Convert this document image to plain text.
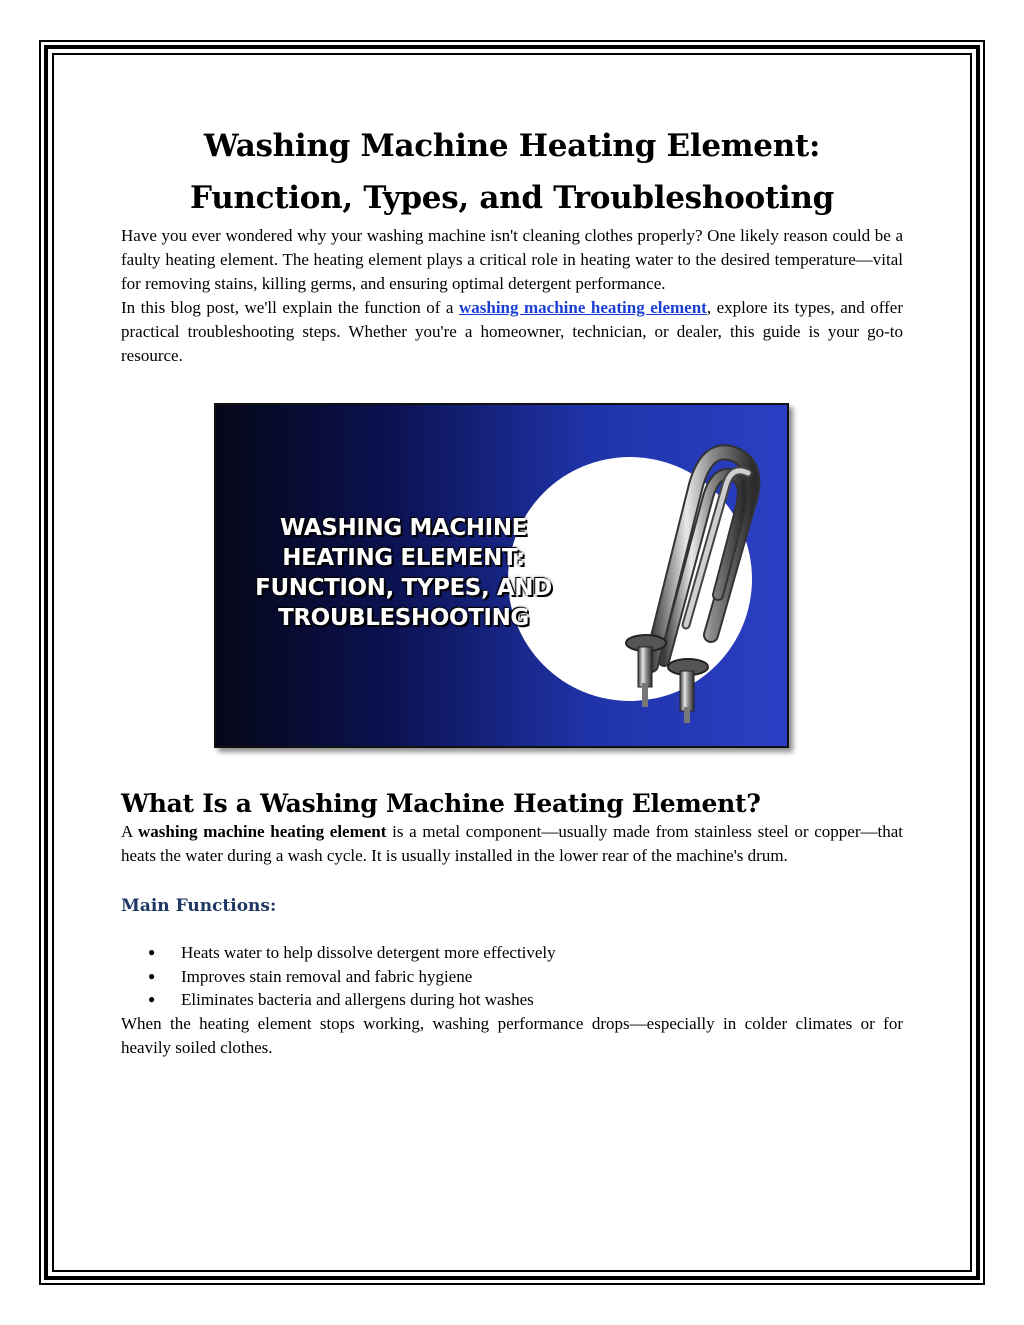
Washing Machine Heating Element: Function, Types, and Troubleshooting

Have you ever wondered why your washing machine isn't cleaning clothes properly? One likely reason could be a faulty heating element. The heating element plays a critical role in heating water to the desired temperature—vital for removing stains, killing germs, and ensuring optimal detergent performance.

In this blog post, we'll explain the function of a washing machine heating element, explore its types, and offer practical troubleshooting steps. Whether you're a homeowner, technician, or dealer, this guide is your go-to resource.

WASHING MACHINE
HEATING ELEMENT:
FUNCTION, TYPES, AND
TROUBLESHOOTING
What Is a Washing Machine Heating Element?

A washing machine heating element is a metal component—usually made from stainless steel or copper—that heats the water during a wash cycle. It is usually installed in the lower rear of the machine's drum.

Main Functions:
● Heats water to help dissolve detergent more effectively
● Improves stain removal and fabric hygiene
● Eliminates bacteria and allergens during hot washes

When the heating element stops working, washing performance drops—especially in colder climates or for heavily soiled clothes.
